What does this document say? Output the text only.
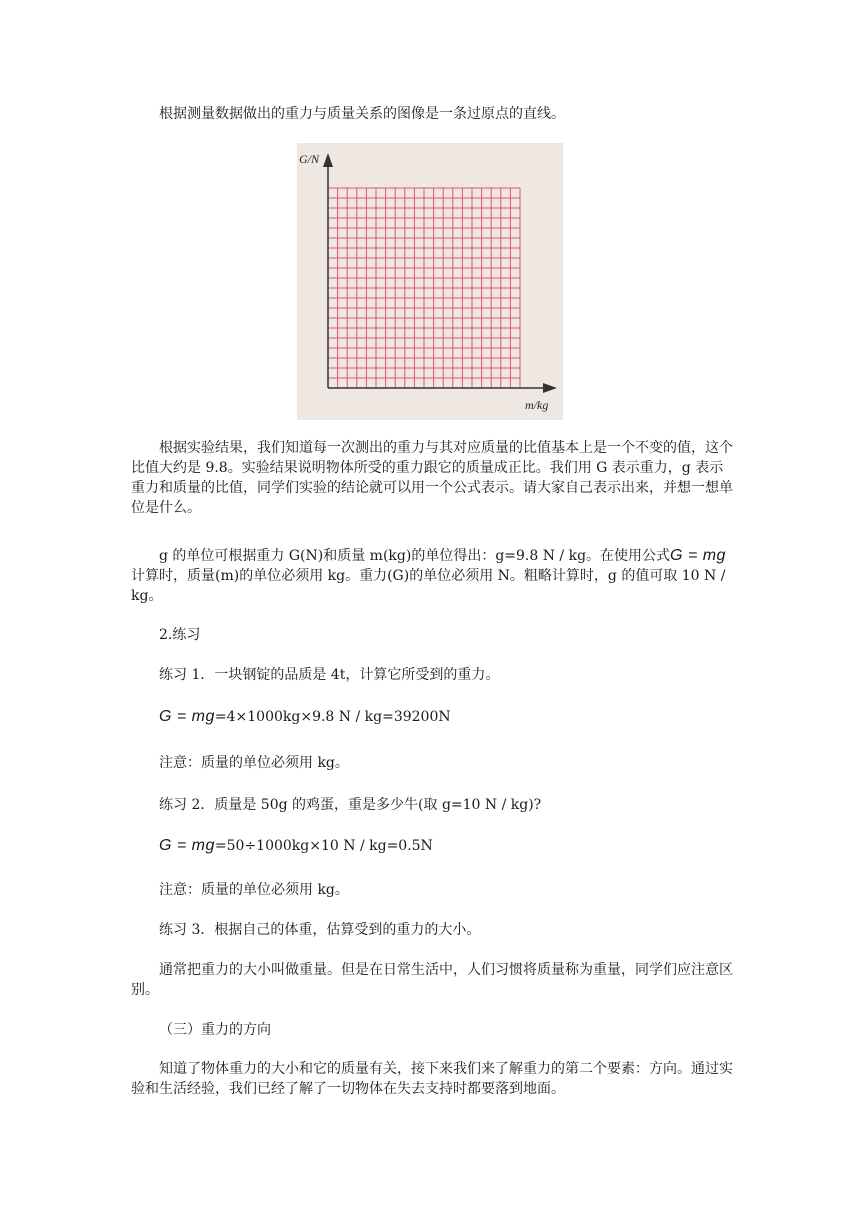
根据测量数据做出的重力与质量关系的图像是一条过原点的直线。

G/N
m/kg

根据实验结果，我们知道每一次测出的重力与其对应质量的比值基本上是一个不变的值，这个比值大约是 9.8。实验结果说明物体所受的重力跟它的质量成正比。我们用 G 表示重力，g 表示重力和质量的比值，同学们实验的结论就可以用一个公式表示。请大家自己表示出来，并想一想单位是什么。

g 的单位可根据重力 G(N)和质量 m(kg)的单位得出：g=9.8 N / kg。在使用公式G = mg计算时，质量(m)的单位必须用 kg。重力(G)的单位必须用 N。粗略计算时，g 的值可取 10 N / kg。

2.练习

练习 1．一块钢锭的品质是 4t，计算它所受到的重力。

G = mg=4×1000kg×9.8 N / kg=39200N

注意：质量的单位必须用 kg。

练习 2．质量是 50g 的鸡蛋，重是多少牛(取 g=10 N / kg)?

G = mg=50÷1000kg×10 N / kg=0.5N

注意：质量的单位必须用 kg。

练习 3．根据自己的体重，估算受到的重力的大小。

通常把重力的大小叫做重量。但是在日常生活中，人们习惯将质量称为重量，同学们应注意区别。

（三）重力的方向

知道了物体重力的大小和它的质量有关，接下来我们来了解重力的第二个要素：方向。通过实验和生活经验，我们已经了解了一切物体在失去支持时都要落到地面。
